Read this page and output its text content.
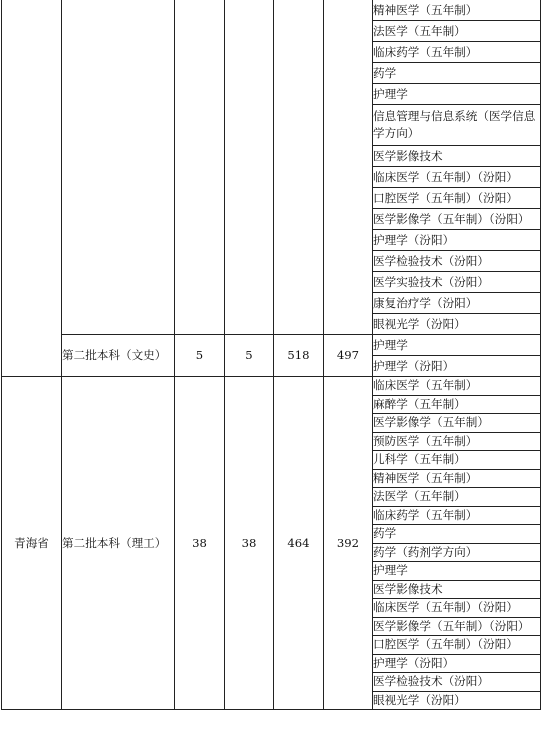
						精神医学（五年制）
						法医学（五年制）
						临床药学（五年制）
						药学
						护理学
						信息管理与信息系统（医学信息学方向）
						医学影像技术
						临床医学（五年制）（汾阳）
						口腔医学（五年制）（汾阳）
						医学影像学（五年制）（汾阳）
						护理学（汾阳）
						医学检验技术（汾阳）
						医学实验技术（汾阳）
						康复治疗学（汾阳）
						眼视光学（汾阳）
	第二批本科（文史）	5	5	518	497	护理学
						护理学（汾阳）
青海省	第二批本科（理工）	38	38	464	392	临床医学（五年制）
						麻醉学（五年制）
						医学影像学（五年制）
						预防医学（五年制）
						儿科学（五年制）
						精神医学（五年制）
						法医学（五年制）
						临床药学（五年制）
						药学
						药学（药剂学方向）
						护理学
						医学影像技术
						临床医学（五年制）（汾阳）
						医学影像学（五年制）（汾阳）
						口腔医学（五年制）（汾阳）
						护理学（汾阳）
						医学检验技术（汾阳）
						眼视光学（汾阳）
